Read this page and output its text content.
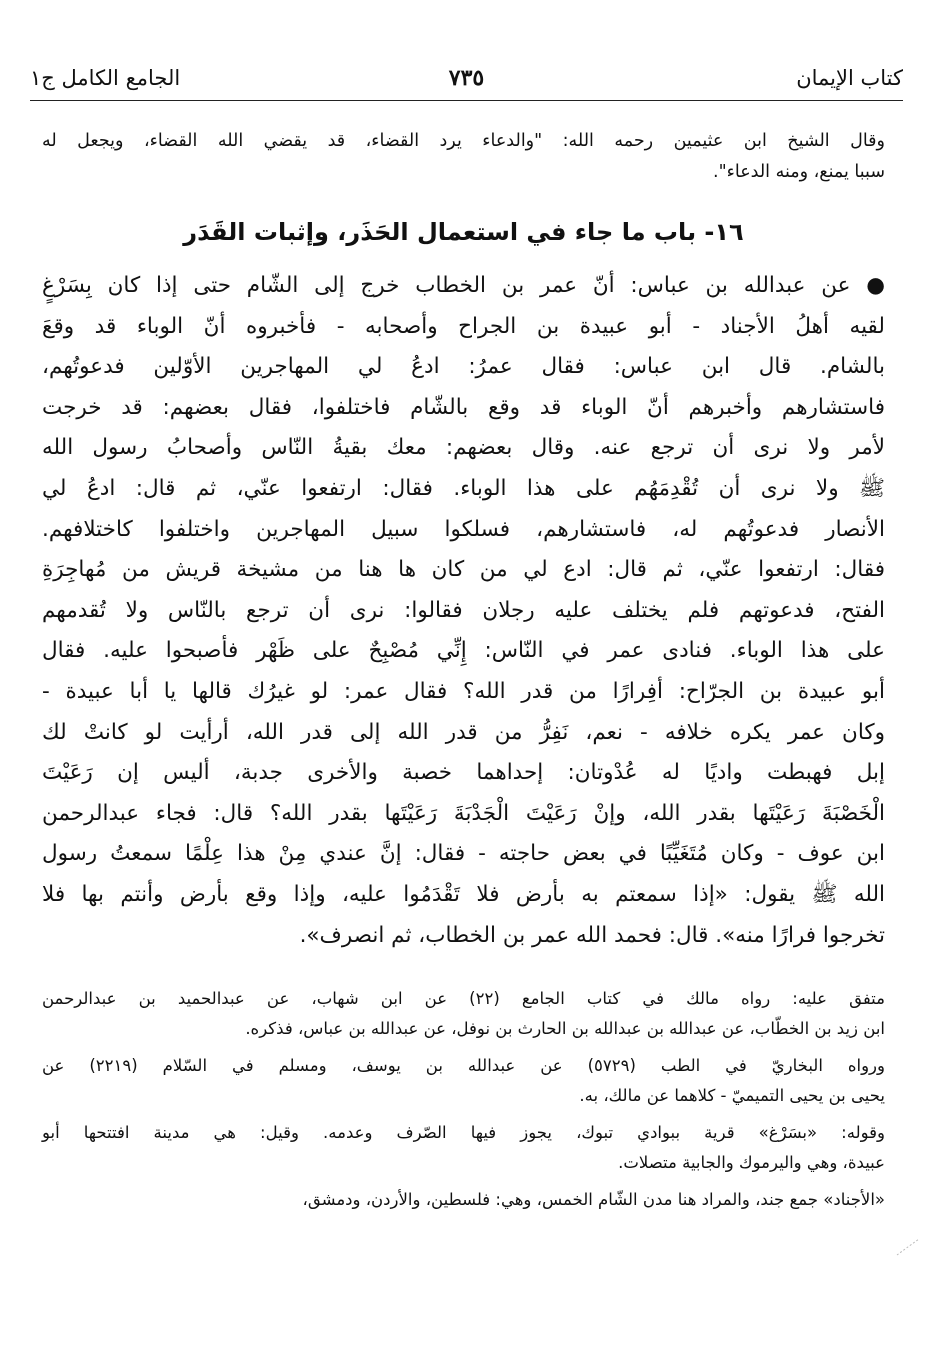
كتاب الإيمان
٧٣٥
الجامع الكامل ج١
وقال الشيخ ابن عثيمين رحمه الله: "والدعاء يرد القضاء، قد يقضي الله القضاء، ويجعل له
سببا يمنع، ومنه الدعاء".
١٦- باب ما جاء في استعمال الحَذَر، وإثبات القَدَر
● عن عبدالله بن عباس: أنّ عمر بن الخطاب خرج إلى الشّام حتى إذا كان بِسَرْغٍ
لقيه أهلُ الأجناد - أبو عبيدة بن الجراح وأصحابه - فأخبروه أنّ الوباء قد وقعَ
بالشام. قال ابن عباس: فقال عمرُ: ادعُ لي المهاجرين الأوّلين فدعوتُهم،
فاستشارهم وأخبرهم أنّ الوباء قد وقع بالشّام فاختلفوا، فقال بعضهم: قد خرجت
لأمر ولا نرى أن ترجع عنه. وقال بعضهم: معك بقيةُ النّاس وأصحابُ رسول الله
ﷺ ولا نرى أن تُقْدِمَهُم على هذا الوباء. فقال: ارتفعوا عنّي، ثم قال: ادعُ لي
الأنصار فدعوتُهم له، فاستشارهم، فسلكوا سبيل المهاجرين واختلفوا كاختلافهم.
فقال: ارتفعوا عنّي، ثم قال: ادع لي من كان ها هنا من مشيخة قريش من مُهاجِرَةِ
الفتح، فدعوتهم فلم يختلف عليه رجلان فقالوا: نرى أن ترجع بالنّاس ولا تُقدمهم
على هذا الوباء. فنادى عمر في النّاس: إِنِّي مُصْبِحٌ على ظَهْر فأصبحوا عليه. فقال
أبو عبيدة بن الجرّاح: أفِرارًا من قدر الله؟ فقال عمر: لو غيرُك قالها يا أبا عبيدة -
وكان عمر يكره خلافه - نعم، نَفِرُّ من قدر الله إلى قدر الله، أرأيت لو كانتْ لك
إبل فهبطت واديًا له عُدْوتان: إحداهما خصبة والأخرى جدبة، أليس إن رَعَيْتَ
الْخَصْبَةَ رَعَيْتَها بقدر الله، وإنْ رَعَيْتَ الْجَدْبَةَ رَعَيْتَها بقدر الله؟ قال: فجاء عبدالرحمن
ابن عوف - وكان مُتَغَيِّبًا في بعض حاجته - فقال: إنَّ عندي مِنْ هذا عِلْمًا سمعتُ رسول
الله ﷺ يقول: «إذا سمعتم به بأرض فلا تَقْدَمُوا عليه، وإذا وقع بأرض وأنتم بها فلا
تخرجوا فرارًا منه». قال: فحمد الله عمر بن الخطاب، ثم انصرف».
متفق عليه: رواه مالك في كتاب الجامع (٢٢) عن ابن شهاب، عن عبدالحميد بن عبدالرحمن
ابن زيد بن الخطّاب، عن عبدالله بن عبدالله بن الحارث بن نوفل، عن عبدالله بن عباس، فذكره.
ورواه البخاريّ في الطب (٥٧٢٩) عن عبدالله بن يوسف، ومسلم في السّلام (٢٢١٩) عن
يحيى بن يحيى التميميّ - كلاهما عن مالك، به.
وقوله: «بسَرْغ» قرية ببوادي تبوك، يجوز فيها الصّرف وعدمه. وقيل: هي مدينة افتتحها أبو
عبيدة، وهي واليرموك والجابية متصلات.
«الأجناد» جمع جند، والمراد هنا مدن الشّام الخمس، وهي: فلسطين، والأردن، ودمشق،
